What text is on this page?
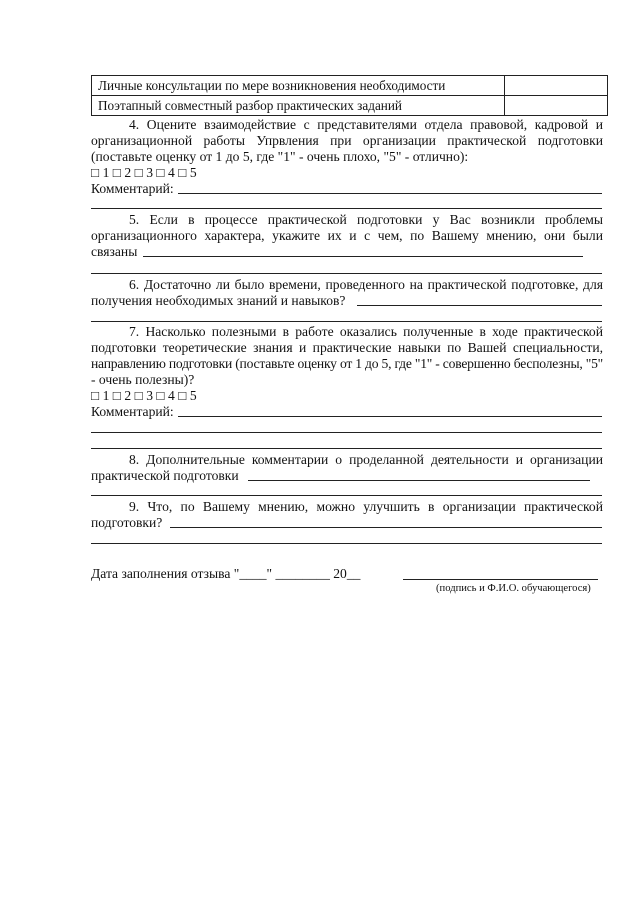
Личные консультации по мере возникновения необходимости	
Поэтапный совместный разбор практических заданий	
4. Оцените взаимодействие с представителями отдела правовой, кадровой и
организационной работы Упрвления при организации практической подготовки
(поставьте оценку от 1 до 5, где "1" - очень плохо, "5" - отлично):
□ 1 □ 2 □ 3 □ 4 □ 5
Комментарий:
5. Если в процессе практической подготовки у Вас возникли проблемы
организационного характера, укажите их и с чем, по Вашему мнению, они были
связаны
6. Достаточно ли было времени, проведенного на практической подготовке, для
получения необходимых знаний и навыков?
7. Насколько полезными в работе оказались полученные в ходе практической
подготовки теоретические знания и практические навыки по Вашей специальности,
направлению подготовки (поставьте оценку от 1 до 5, где "1" - совершенно бесполезны, "5"
- очень полезны)?
□ 1 □ 2 □ 3 □ 4 □ 5
Комментарий:
8. Дополнительные комментарии о проделанной деятельности и организации
практической подготовки
9. Что, по Вашему мнению, можно улучшить в организации практической
подготовки?
Дата заполнения отзыва "____" ________ 20__
(подпись и Ф.И.О. обучающегося)
